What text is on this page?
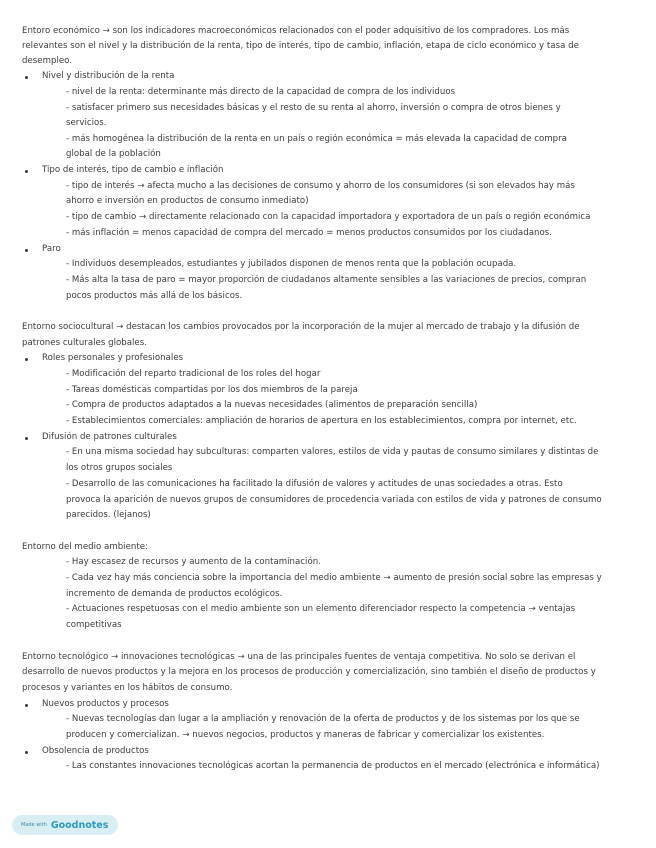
Entoro económico → son los indicadores macroeconómicos relacionados con el poder adquisitivo de los compradores. Los más
relevantes son el nivel y la distribución de la renta, tipo de interés, tipo de cambio, inflación, etapa de ciclo económico y tasa de
desempleo.
Nivel y distribución de la renta
- nivel de la renta: determinante más directo de la capacidad de compra de los individuos
- satisfacer primero sus necesidades básicas y el resto de su renta al ahorro, inversión o compra de otros bienes y
servicios.
- más homogénea la distribución de la renta en un país o región económica = más elevada la capacidad de compra
global de la población
Tipo de interés, tipo de cambio e inflación
- tipo de interés → afecta mucho a las decisiones de consumo y ahorro de los consumidores (si son elevados hay más
ahorro e inversión en productos de consumo inmediato)
- tipo de cambio → directamente relacionado con la capacidad importadora y exportadora de un país o región económica
- más inflación = menos capacidad de compra del mercado = menos productos consumidos por los ciudadanos.
Paro
- Individuos desempleados, estudiantes y jubilados disponen de menos renta que la población ocupada.
- Más alta la tasa de paro = mayor proporción de ciudadanos altamente sensibles a las variaciones de precios, compran
pocos productos más allá de los básicos.
Entorno sociocultural → destacan los cambios provocados por la incorporación de la mujer al mercado de trabajo y la difusión de
patrones culturales globales.
Roles personales y profesionales
- Modificación del reparto tradicional de los roles del hogar
- Tareas domésticas compartidas por los dos miembros de la pareja
- Compra de productos adaptados a la nuevas necesidades (alimentos de preparación sencilla)
- Establecimientos comerciales: ampliación de horarios de apertura en los establecimientos, compra por internet, etc.
Difusión de patrones culturales
- En una misma sociedad hay subculturas: comparten valores, estilos de vida y pautas de consumo similares y distintas de
los otros grupos sociales
- Desarrollo de las comunicaciones ha facilitado la difusión de valores y actitudes de unas sociedades a otras. Esto
provoca la aparición de nuevos grupos de consumidores de procedencia variada con estilos de vida y patrones de consumo
parecidos. (lejanos)
Entorno del medio ambiente:
- Hay escasez de recursos y aumento de la contaminación.
- Cada vez hay más conciencia sobre la importancia del medio ambiente → aumento de presión social sobre las empresas y
incremento de demanda de productos ecológicos.
- Actuaciones respetuosas con el medio ambiente son un elemento diferenciador respecto la competencia → ventajas
competitivas
Entorno tecnológico → innovaciones tecnológicas → una de las principales fuentes de ventaja competitiva. No solo se derivan el
desarrollo de nuevos productos y la mejora en los procesos de producción y comercialización, sino también el diseño de productos y
procesos y variantes en los hábitos de consumo.
Nuevos productos y procesos
- Nuevas tecnologías dan lugar a la ampliación y renovación de la oferta de productos y de los sistemas por los que se
producen y comercializan. → nuevos negocios, productos y maneras de fabricar y comercializar los existentes.
Obsolencia de productos
- Las constantes innovaciones tecnológicas acortan la permanencia de productos en el mercado (electrónica e informática)
Made with Goodnotes
